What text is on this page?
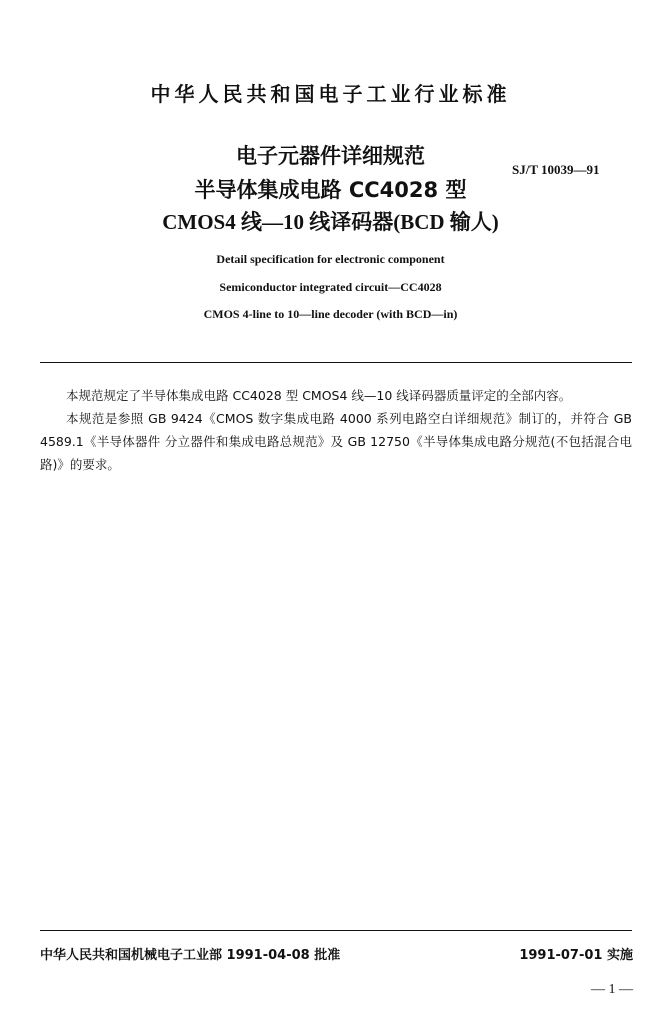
中华人民共和国电子工业行业标准
电子元器件详细规范
SJ/T 10039—91
半导体集成电路 CC4028 型
CMOS4 线—10 线译码器(BCD 输人)
Detail specification for electronic component
Semiconductor integrated circuit—CC4028
CMOS 4-line to 10—line decoder (with BCD—in)

本规范规定了半导体集成电路 CC4028 型 CMOS4 线—10 线译码器质量评定的全部内容。

本规范是参照 GB 9424《CMOS 数字集成电路 4000 系列电路空白详细规范》制订的，并符合 GB 4589.1《半导体器件 分立器件和集成电路总规范》及 GB 12750《半导体集成电路分规范(不包括混合电路)》的要求。

中华人民共和国机械电子工业部 1991-04-08 批准	1991-07-01 实施
— 1 —
